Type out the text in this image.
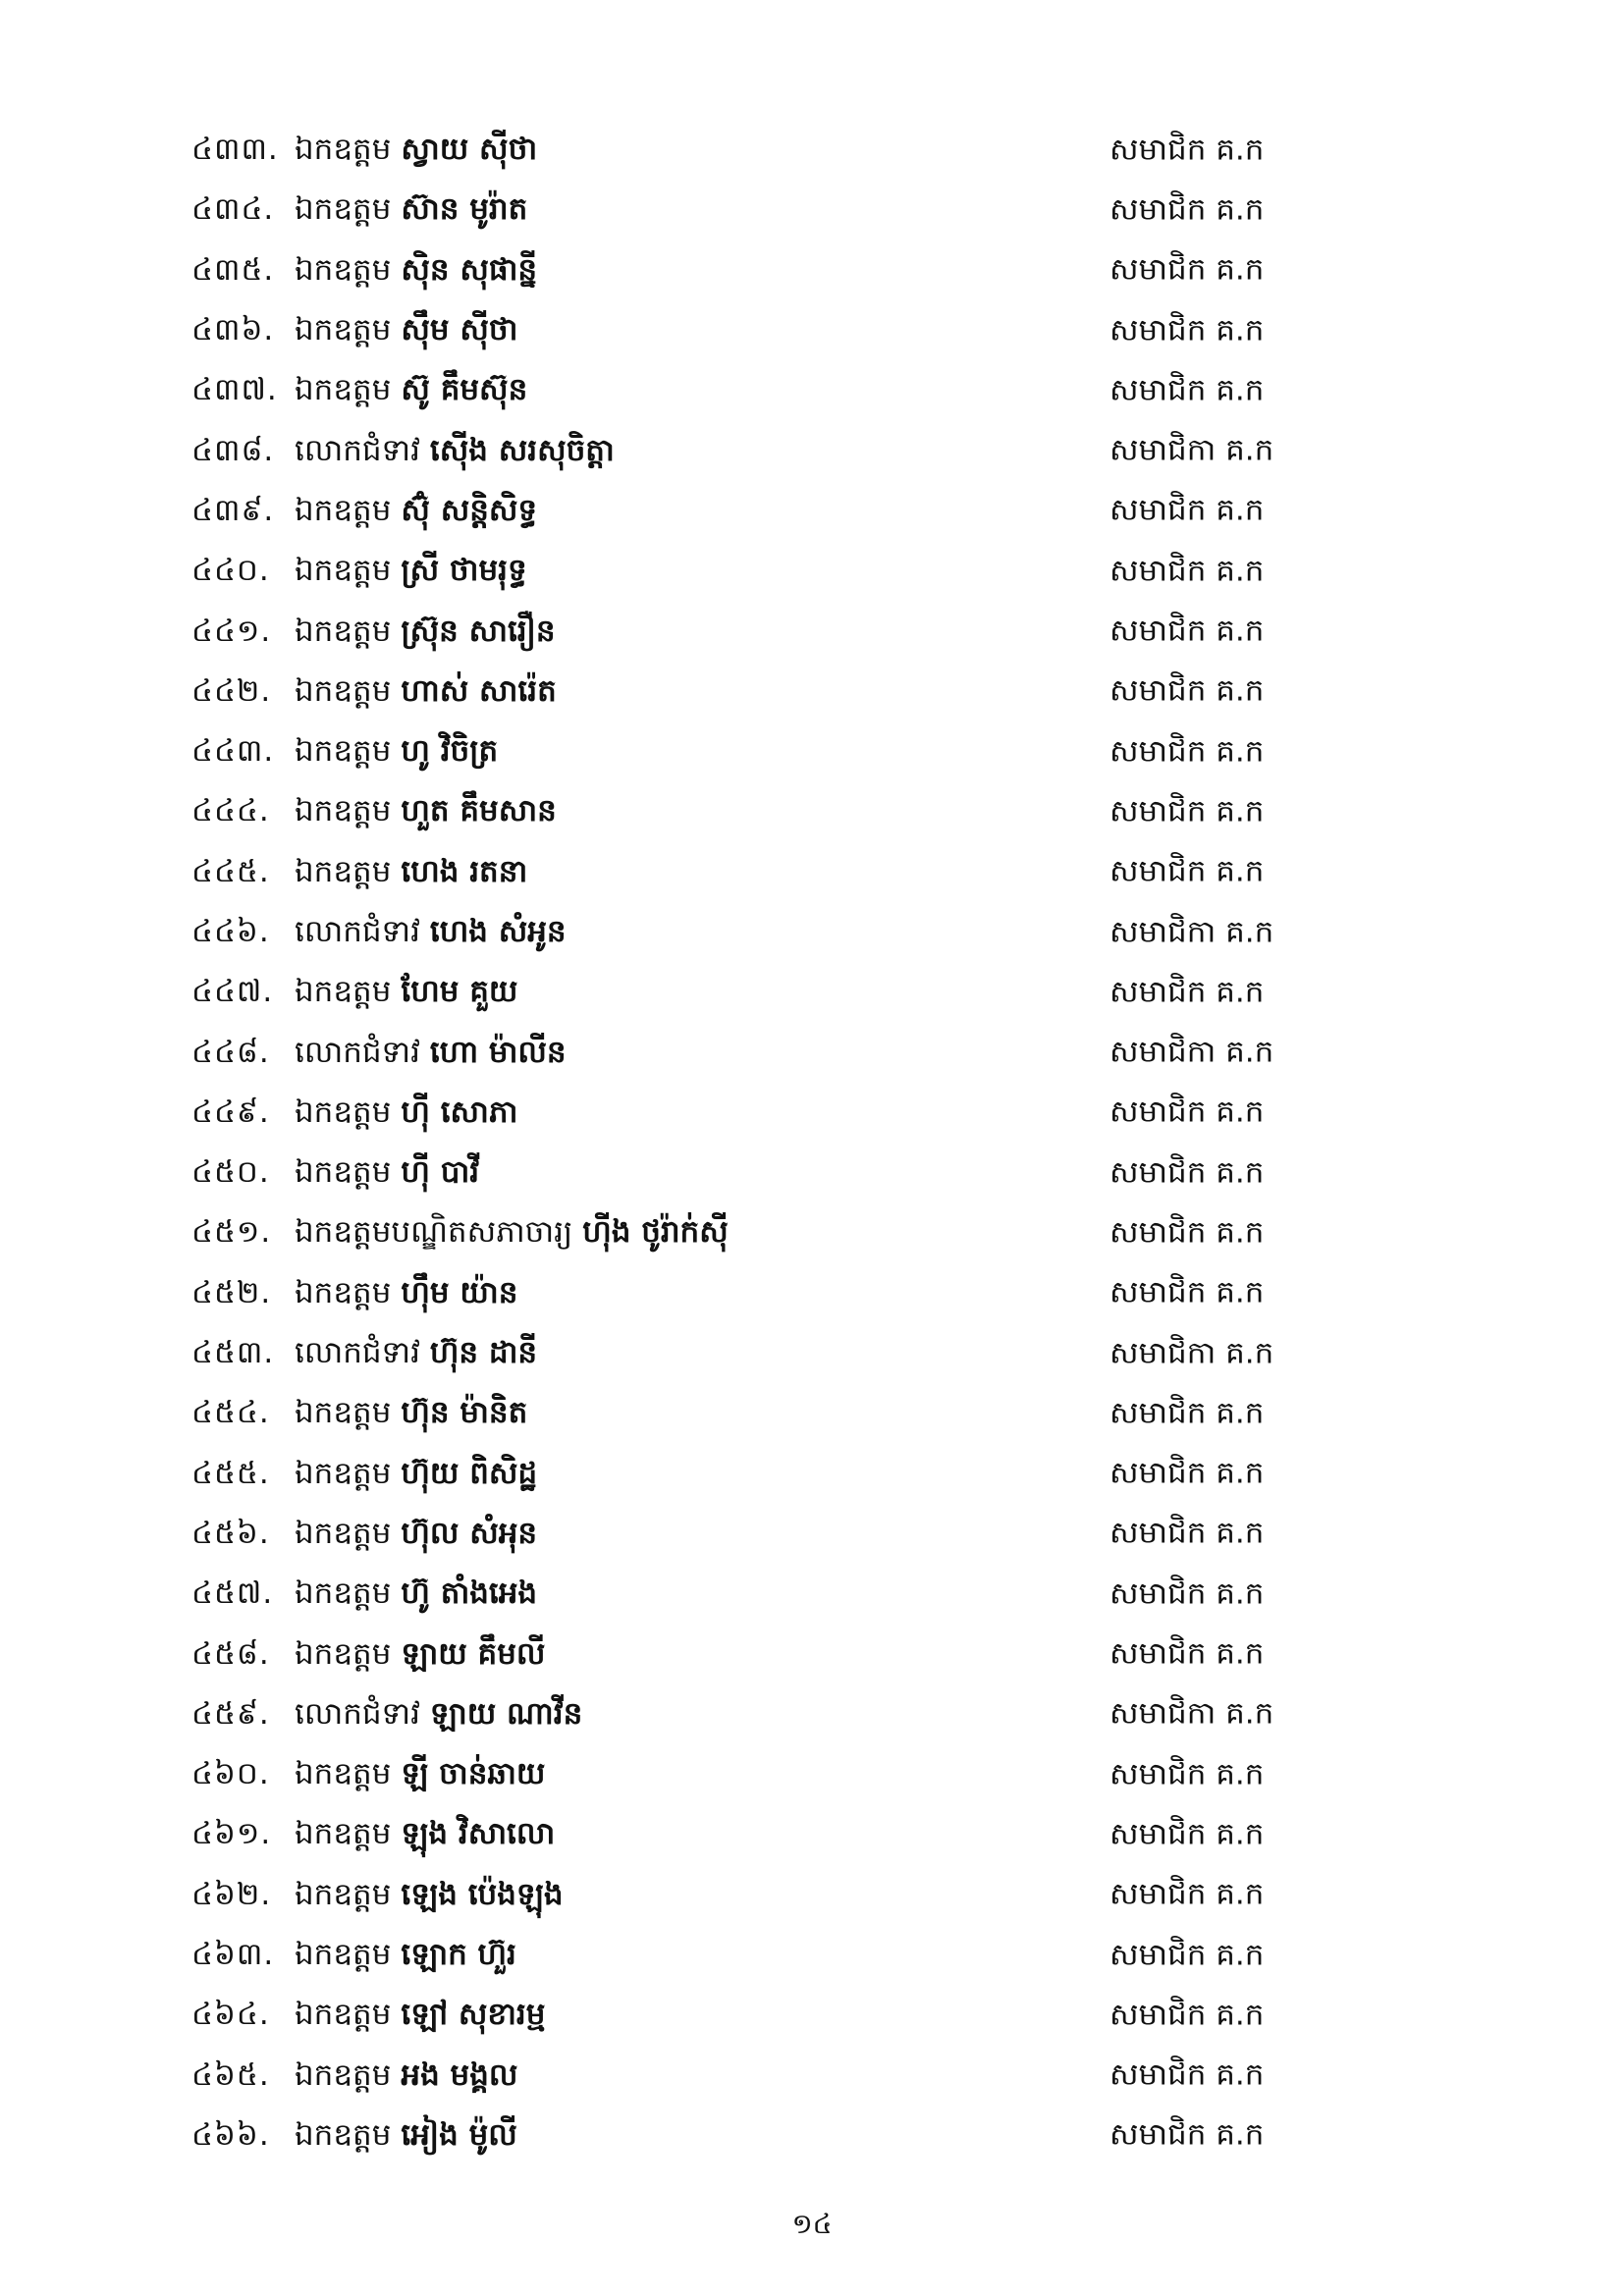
៤៣៣. ឯកឧត្តម ស្វាយ ស៊ីថា	សមាជិក គ.ក
៤៣៤. ឯកឧត្តម ស៊ាន មូរ៉ាត	សមាជិក គ.ក
៤៣៥. ឯកឧត្តម ស៊ិន សុផាន្នី	សមាជិក គ.ក
៤៣៦. ឯកឧត្តម ស៊ឹម ស៊ីថា	សមាជិក គ.ក
៤៣៧. ឯកឧត្តម ស៊ូ គឹមស៊ុន	សមាជិក គ.ក
៤៣៨. លោកជំទាវ ស៊ើង សរសុចិត្តា	សមាជិកា គ.ក
៤៣៩. ឯកឧត្តម ស៊ុំ សន្តិសិទ្ធ	សមាជិក គ.ក
៤៤០. ឯកឧត្តម ស្រី ថាមរុទ្ធ	សមាជិក គ.ក
៤៤១. ឯកឧត្តម ស្រ៊ុន សារឿន	សមាជិក គ.ក
៤៤២. ឯកឧត្តម ហាស់ សារ៉េត	សមាជិក គ.ក
៤៤៣. ឯកឧត្តម ហូ វិចិត្រ	សមាជិក គ.ក
៤៤៤. ឯកឧត្តម ហួត គឹមសាន	សមាជិក គ.ក
៤៤៥. ឯកឧត្តម ហេង រតនា	សមាជិក គ.ក
៤៤៦. លោកជំទាវ ហេង សំអូន	សមាជិកា គ.ក
៤៤៧. ឯកឧត្តម ហែម គួយ	សមាជិក គ.ក
៤៤៨. លោកជំទាវ ហោ ម៉ាលីន	សមាជិកា គ.ក
៤៤៩. ឯកឧត្តម ហ៊ី សោភា	សមាជិក គ.ក
៤៥០. ឯកឧត្តម ហ៊ី បាវី	សមាជិក គ.ក
៤៥១. ឯកឧត្តមបណ្ឌិតសភាចារ្យ ហ៊ីង ថូរ៉ាក់ស៊ី	សមាជិក គ.ក
៤៥២. ឯកឧត្តម ហ៊ឹម យ៉ាន	សមាជិក គ.ក
៤៥៣. លោកជំទាវ ហ៊ុន ដានី	សមាជិកា គ.ក
៤៥៤. ឯកឧត្តម ហ៊ុន ម៉ានិត	សមាជិក គ.ក
៤៥៥. ឯកឧត្តម ហ៊ុយ ពិសិដ្ឋ	សមាជិក គ.ក
៤៥៦. ឯកឧត្តម ហ៊ុល សំអុន	សមាជិក គ.ក
៤៥៧. ឯកឧត្តម ហ៊ូ តាំងអេង	សមាជិក គ.ក
៤៥៨. ឯកឧត្តម ឡាយ គឹមលី	សមាជិក គ.ក
៤៥៩. លោកជំទាវ ឡាយ ណាវីន	សមាជិកា គ.ក
៤៦០. ឯកឧត្តម ឡី ចាន់ឆាយ	សមាជិក គ.ក
៤៦១. ឯកឧត្តម ឡុង វិសាលោ	សមាជិក គ.ក
៤៦២. ឯកឧត្តម ឡេង ប៉េងឡុង	សមាជិក គ.ក
៤៦៣. ឯកឧត្តម ឡោក ហ៊ួរ	សមាជិក គ.ក
៤៦៤. ឯកឧត្តម ឡៅ សុខារម្ម	សមាជិក គ.ក
៤៦៥. ឯកឧត្តម អង មង្គល	សមាជិក គ.ក
៤៦៦. ឯកឧត្តម អៀង ម៉ូលី	សមាជិក គ.ក
១៤
